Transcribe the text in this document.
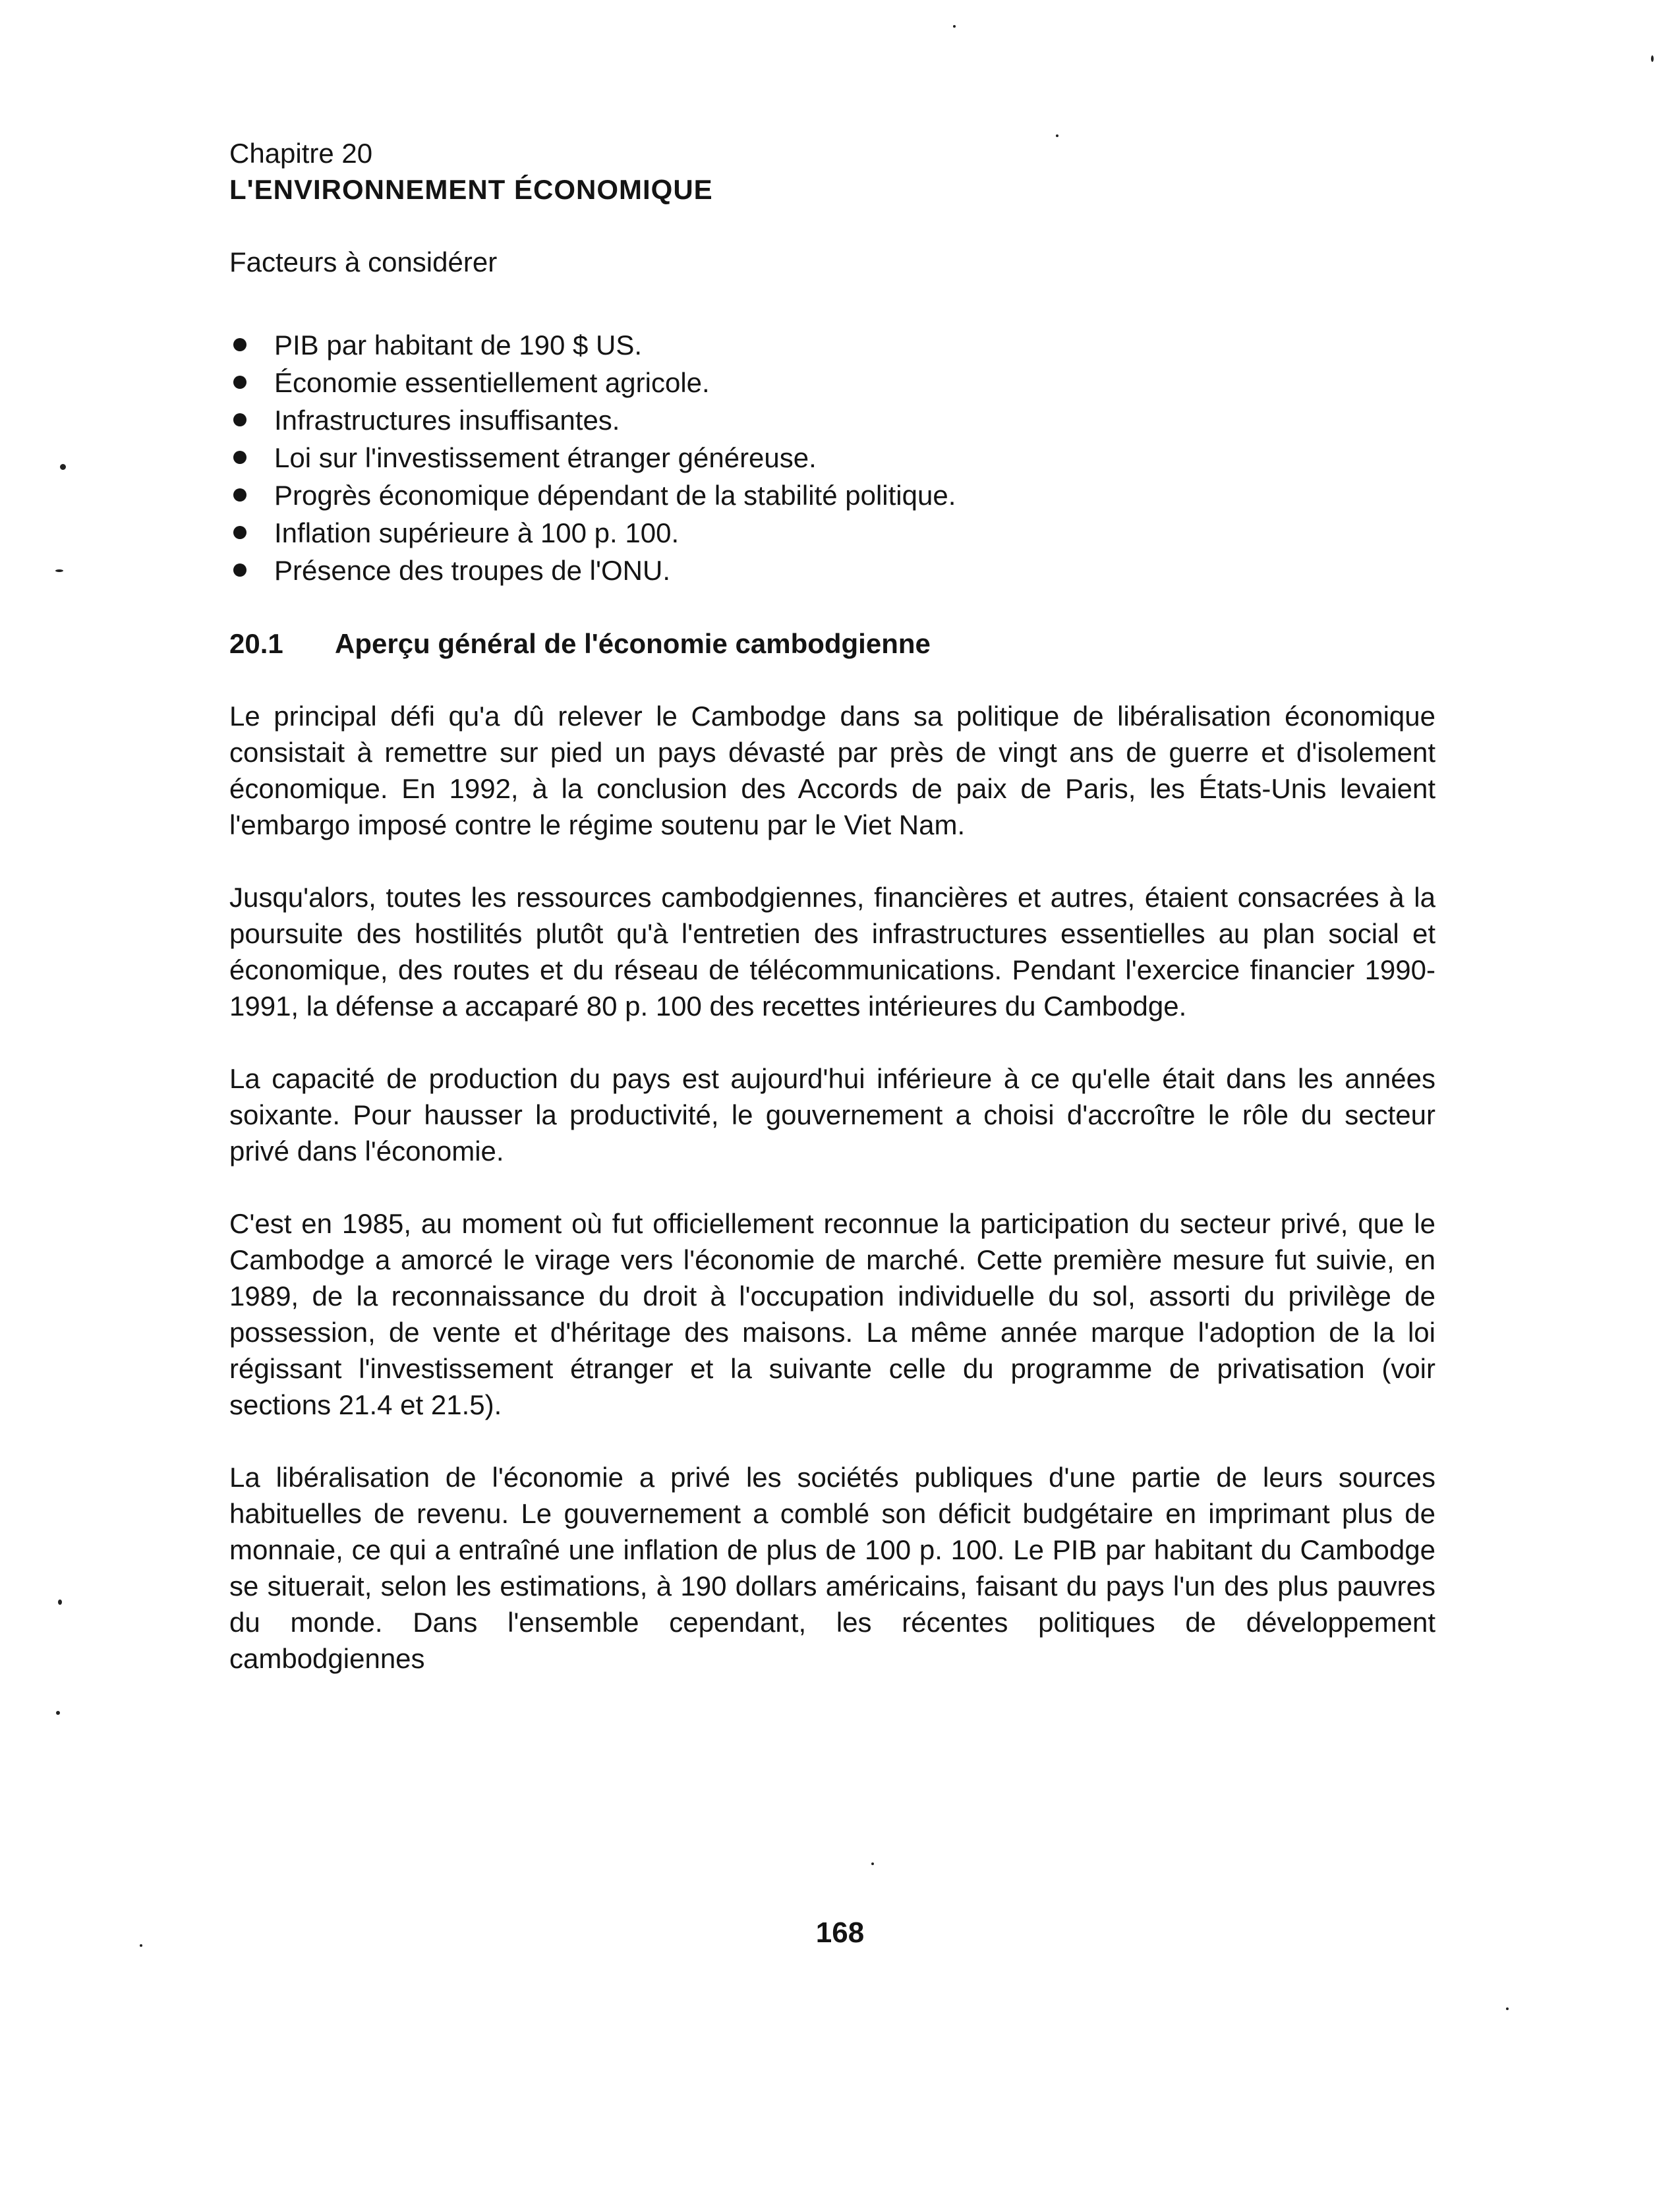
Chapitre 20
L'ENVIRONNEMENT ÉCONOMIQUE

Facteurs à considérer

PIB par habitant de 190 $ US.
Économie essentiellement agricole.
Infrastructures insuffisantes.
Loi sur l'investissement étranger généreuse.
Progrès économique dépendant de la stabilité politique.
Inflation supérieure à 100 p. 100.
Présence des troupes de l'ONU.
20.1 Aperçu général de l'économie cambodgienne

Le principal défi qu'a dû relever le Cambodge dans sa politique de libéralisation économique consistait à remettre sur pied un pays dévasté par près de vingt ans de guerre et d'isolement économique. En 1992, à la conclusion des Accords de paix de Paris, les États-Unis levaient l'embargo imposé contre le régime soutenu par le Viet Nam.

Jusqu'alors, toutes les ressources cambodgiennes, financières et autres, étaient consacrées à la poursuite des hostilités plutôt qu'à l'entretien des infrastructures essentielles au plan social et économique, des routes et du réseau de télécommunications. Pendant l'exercice financier 1990-1991, la défense a accaparé 80 p. 100 des recettes intérieures du Cambodge.

La capacité de production du pays est aujourd'hui inférieure à ce qu'elle était dans les années soixante. Pour hausser la productivité, le gouvernement a choisi d'accroître le rôle du secteur privé dans l'économie.

C'est en 1985, au moment où fut officiellement reconnue la participation du secteur privé, que le Cambodge a amorcé le virage vers l'économie de marché. Cette première mesure fut suivie, en 1989, de la reconnaissance du droit à l'occupation individuelle du sol, assorti du privilège de possession, de vente et d'héritage des maisons. La même année marque l'adoption de la loi régissant l'investissement étranger et la suivante celle du programme de privatisation (voir sections 21.4 et 21.5).

La libéralisation de l'économie a privé les sociétés publiques d'une partie de leurs sources habituelles de revenu. Le gouvernement a comblé son déficit budgétaire en imprimant plus de monnaie, ce qui a entraîné une inflation de plus de 100 p. 100. Le PIB par habitant du Cambodge se situerait, selon les estimations, à 190 dollars américains, faisant du pays l'un des plus pauvres du monde. Dans l'ensemble cependant, les récentes politiques de développement cambodgiennes

168
